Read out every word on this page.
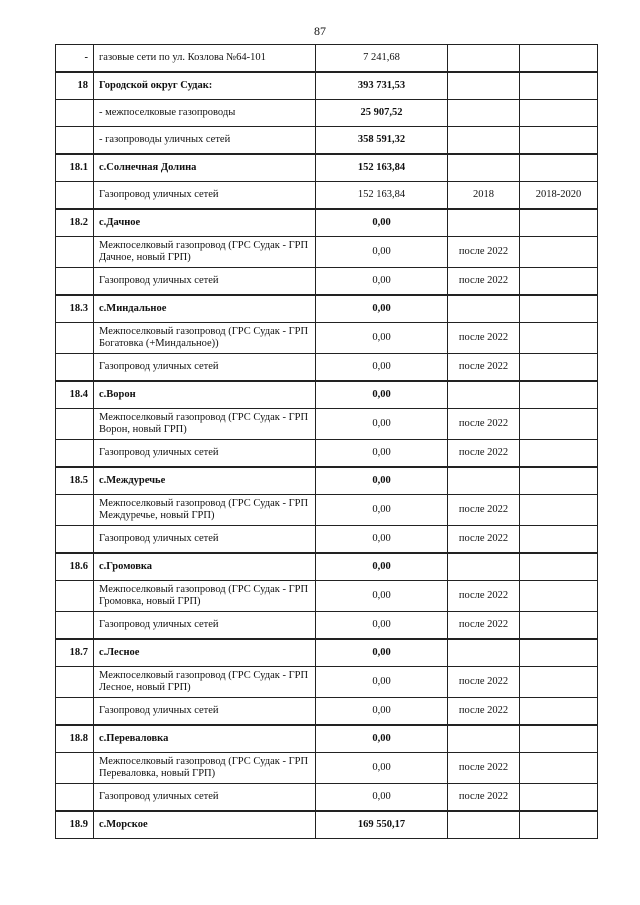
87
-	газовые сети по ул. Козлова №64-101	7 241,68		
18	Городской округ Судак:	393 731,53		
	- межпоселковые газопроводы	25 907,52		
	- газопроводы уличных сетей	358 591,32		
18.1	с.Солнечная Долина	152 163,84		
	Газопровод уличных сетей	152 163,84	2018	2018-2020
18.2	с.Дачное	0,00		
	Межпоселковый газопровод (ГРС Судак - ГРП Дачное, новый ГРП)	0,00	после 2022	
	Газопровод уличных сетей	0,00	после 2022	
18.3	с.Миндальное	0,00		
	Межпоселковый газопровод (ГРС Судак - ГРП Богатовка (+Миндальное))	0,00	после 2022	
	Газопровод уличных сетей	0,00	после 2022	
18.4	с.Ворон	0,00		
	Межпоселковый газопровод (ГРС Судак - ГРП Ворон, новый ГРП)	0,00	после 2022	
	Газопровод уличных сетей	0,00	после 2022	
18.5	с.Междуречье	0,00		
	Межпоселковый газопровод (ГРС Судак - ГРП Междуречье, новый ГРП)	0,00	после 2022	
	Газопровод уличных сетей	0,00	после 2022	
18.6	с.Громовка	0,00		
	Межпоселковый газопровод (ГРС Судак - ГРП Громовка, новый ГРП)	0,00	после 2022	
	Газопровод уличных сетей	0,00	после 2022	
18.7	с.Лесное	0,00		
	Межпоселковый газопровод (ГРС Судак - ГРП Лесное, новый ГРП)	0,00	после 2022	
	Газопровод уличных сетей	0,00	после 2022	
18.8	с.Переваловка	0,00		
	Межпоселковый газопровод (ГРС Судак - ГРП Переваловка, новый ГРП)	0,00	после 2022	
	Газопровод уличных сетей	0,00	после 2022	
18.9	с.Морское	169 550,17		
